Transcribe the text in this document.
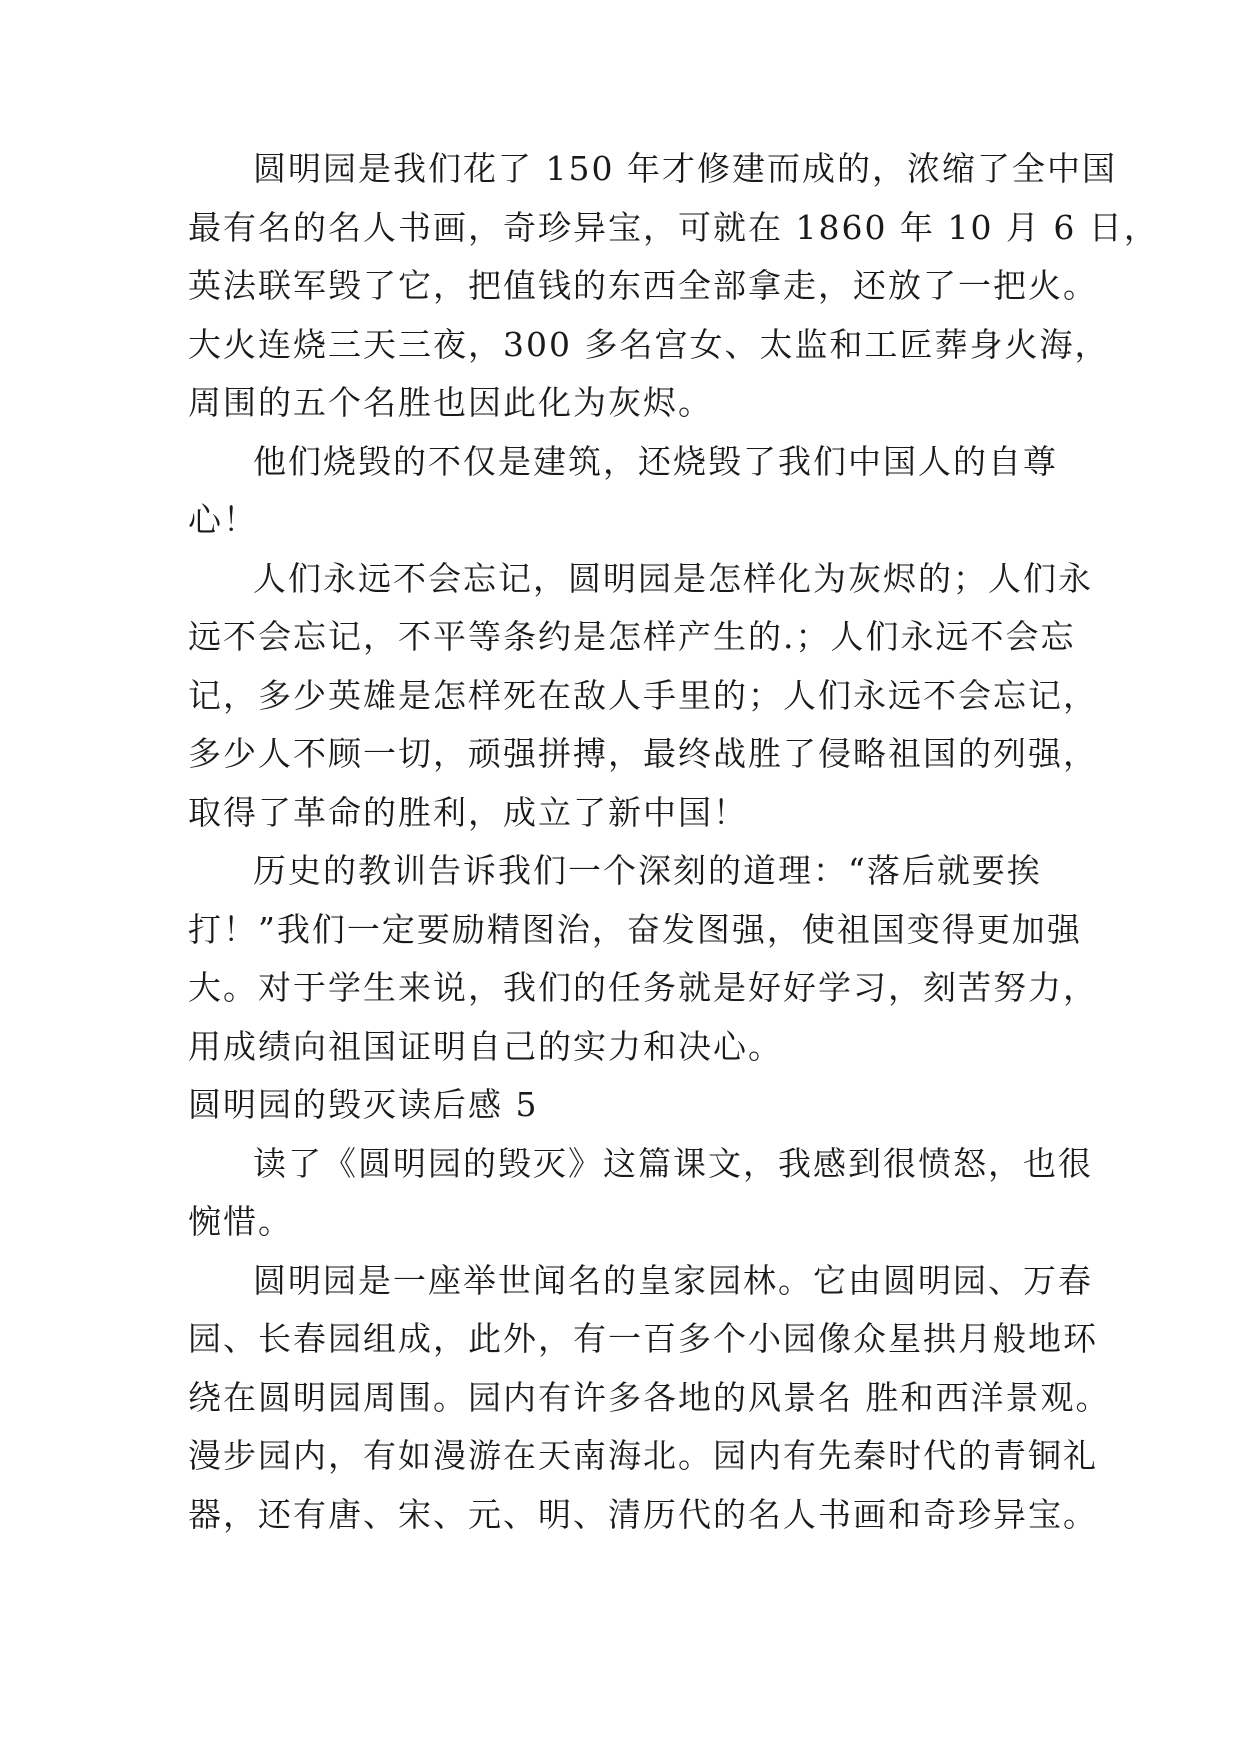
圆明园是我们花了 150 年才修建而成的，浓缩了全中国
最有名的名人书画，奇珍异宝，可就在 1860 年 10 月 6 日，
英法联军毁了它，把值钱的东西全部拿走，还放了一把火。
大火连烧三天三夜，300 多名宫女、太监和工匠葬身火海，
周围的五个名胜也因此化为灰烬。
他们烧毁的不仅是建筑，还烧毁了我们中国人的自尊
心！
人们永远不会忘记，圆明园是怎样化为灰烬的；人们永
远不会忘记，不平等条约是怎样产生的.；人们永远不会忘
记，多少英雄是怎样死在敌人手里的；人们永远不会忘记，
多少人不顾一切，顽强拼搏，最终战胜了侵略祖国的列强，
取得了革命的胜利，成立了新中国！
历史的教训告诉我们一个深刻的道理：“落后就要挨
打！”我们一定要励精图治，奋发图强，使祖国变得更加强
大。对于学生来说，我们的任务就是好好学习，刻苦努力，
用成绩向祖国证明自己的实力和决心。
圆明园的毁灭读后感 5
读了《圆明园的毁灭》这篇课文，我感到很愤怒，也很
惋惜。
圆明园是一座举世闻名的皇家园林。它由圆明园、万春
园、长春园组成，此外，有一百多个小园像众星拱月般地环
绕在圆明园周围。园内有许多各地的风景名 胜和西洋景观。
漫步园内，有如漫游在天南海北。园内有先秦时代的青铜礼
器，还有唐、宋、元、明、清历代的名人书画和奇珍异宝。
